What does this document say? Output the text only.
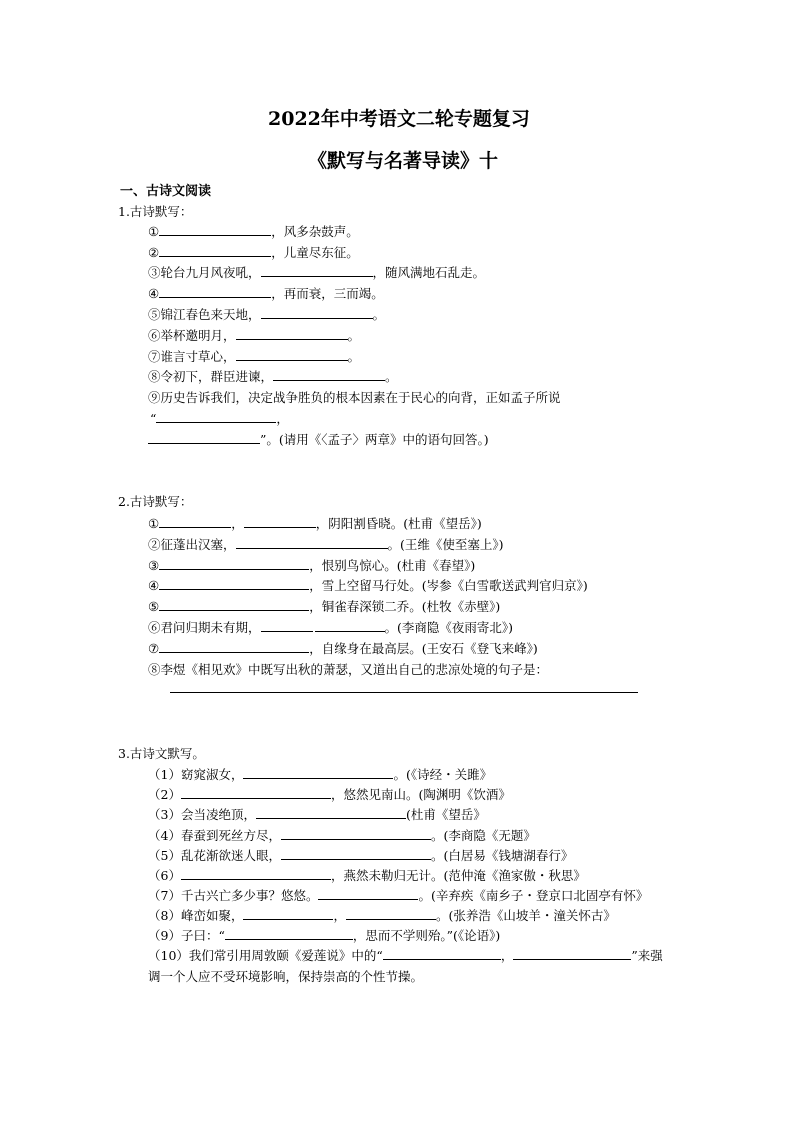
2022年中考语文二轮专题复习
《默写与名著导读》十
一、古诗文阅读
1.古诗默写：
①	，风多杂鼓声。
②	，儿童尽东征。
③轮台九月风夜吼，	，随风满地石乱走。
④	，再而衰，三而竭。
⑤锦江春色来天地，	。
⑥举杯邀明月，	。
⑦谁言寸草心，	。
⑧令初下，群臣进谏，	。
⑨历史告诉我们，决定战争胜负的根本因素在于民心的向背，正如孟子所说
“	，
”。(请用《〈孟子〉两章》中的语句回答。)
2.古诗默写：
①	，	，阴阳割昏晓。(杜甫《望岳》)
②征蓬出汉塞，	。(王维《使至塞上》)
③	，恨别鸟惊心。(杜甫《春望》)
④	，雪上空留马行处。(岑参《白雪歌送武判官归京》)
⑤	，铜雀春深锁二乔。(杜牧《赤壁》)
⑥君问归期未有期，	。(李商隐《夜雨寄北》)
⑦	，自缘身在最高层。(王安石《登飞来峰》)
⑧李煜《相见欢》中既写出秋的萧瑟，又道出自己的悲凉处境的句子是：
3.古诗文默写。
（1）窈窕淑女，	。(《诗经・关雎》
（2）	，悠然见南山。(陶渊明《饮酒》
（3）会当凌绝顶，	(杜甫《望岳》
（4）春蚕到死丝方尽，	。(李商隐《无题》
（5）乱花渐欲迷人眼，	。(白居易《钱塘湖春行》
（6）	，燕然未勒归无计。(范仲淹《渔家傲・秋思》
（7）千古兴亡多少事？悠悠。	。(辛弃疾《南乡子・登京口北固亭有怀》
（8）峰峦如聚，	，	。(张养浩《山坡羊・潼关怀古》
（9）子曰：“	，思而不学则殆。”(《论语》)
（10）我们常引用周敦颐《爱莲说》中的“	，	”来强
调一个人应不受环境影响，保持崇高的个性节操。
